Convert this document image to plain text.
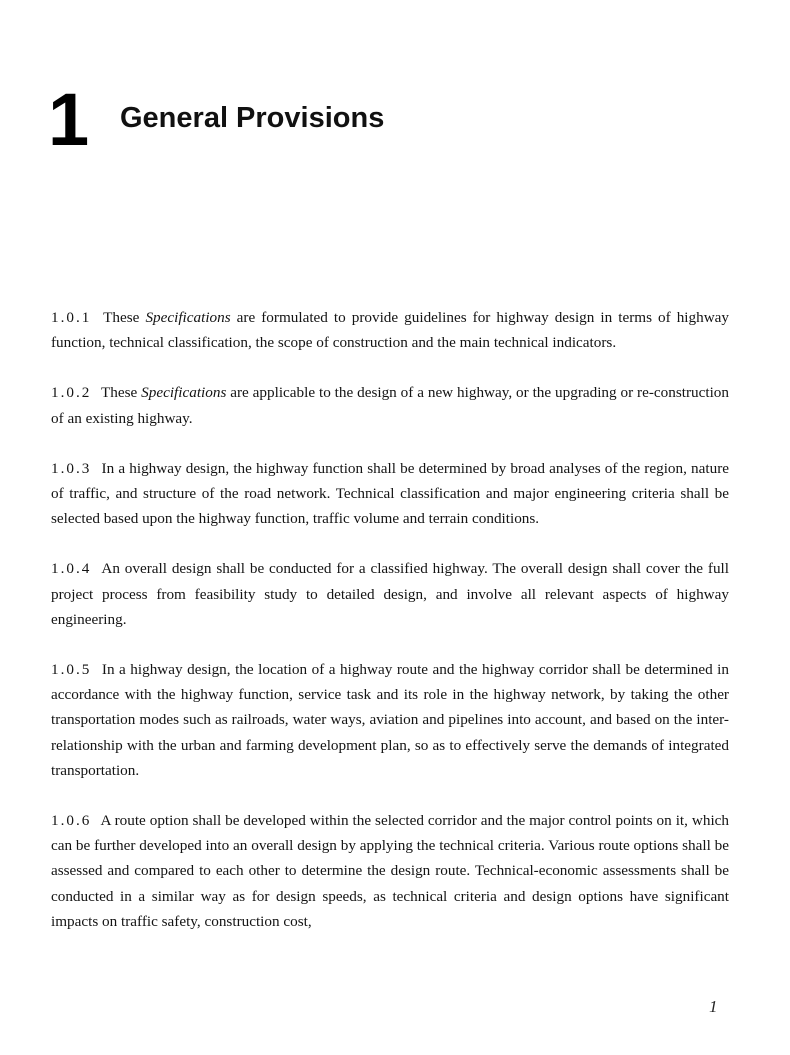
1 General Provisions

1.0.1 These Specifications are formulated to provide guidelines for highway design in terms of highway function, technical classification, the scope of construction and the main technical indicators.

1.0.2 These Specifications are applicable to the design of a new highway, or the upgrading or re-construction of an existing highway.

1.0.3 In a highway design, the highway function shall be determined by broad analyses of the region, nature of traffic, and structure of the road network. Technical classification and major engineering criteria shall be selected based upon the highway function, traffic volume and terrain conditions.

1.0.4 An overall design shall be conducted for a classified highway. The overall design shall cover the full project process from feasibility study to detailed design, and involve all relevant aspects of highway engineering.

1.0.5 In a highway design, the location of a highway route and the highway corridor shall be determined in accordance with the highway function, service task and its role in the highway network, by taking the other transportation modes such as railroads, water ways, aviation and pipelines into account, and based on the inter-relationship with the urban and farming development plan, so as to effectively serve the demands of integrated transportation.

1.0.6 A route option shall be developed within the selected corridor and the major control points on it, which can be further developed into an overall design by applying the technical criteria. Various route options shall be assessed and compared to each other to determine the design route. Technical-economic assessments shall be conducted in a similar way as for design speeds, as technical criteria and design options have significant impacts on traffic safety, construction cost,

1
